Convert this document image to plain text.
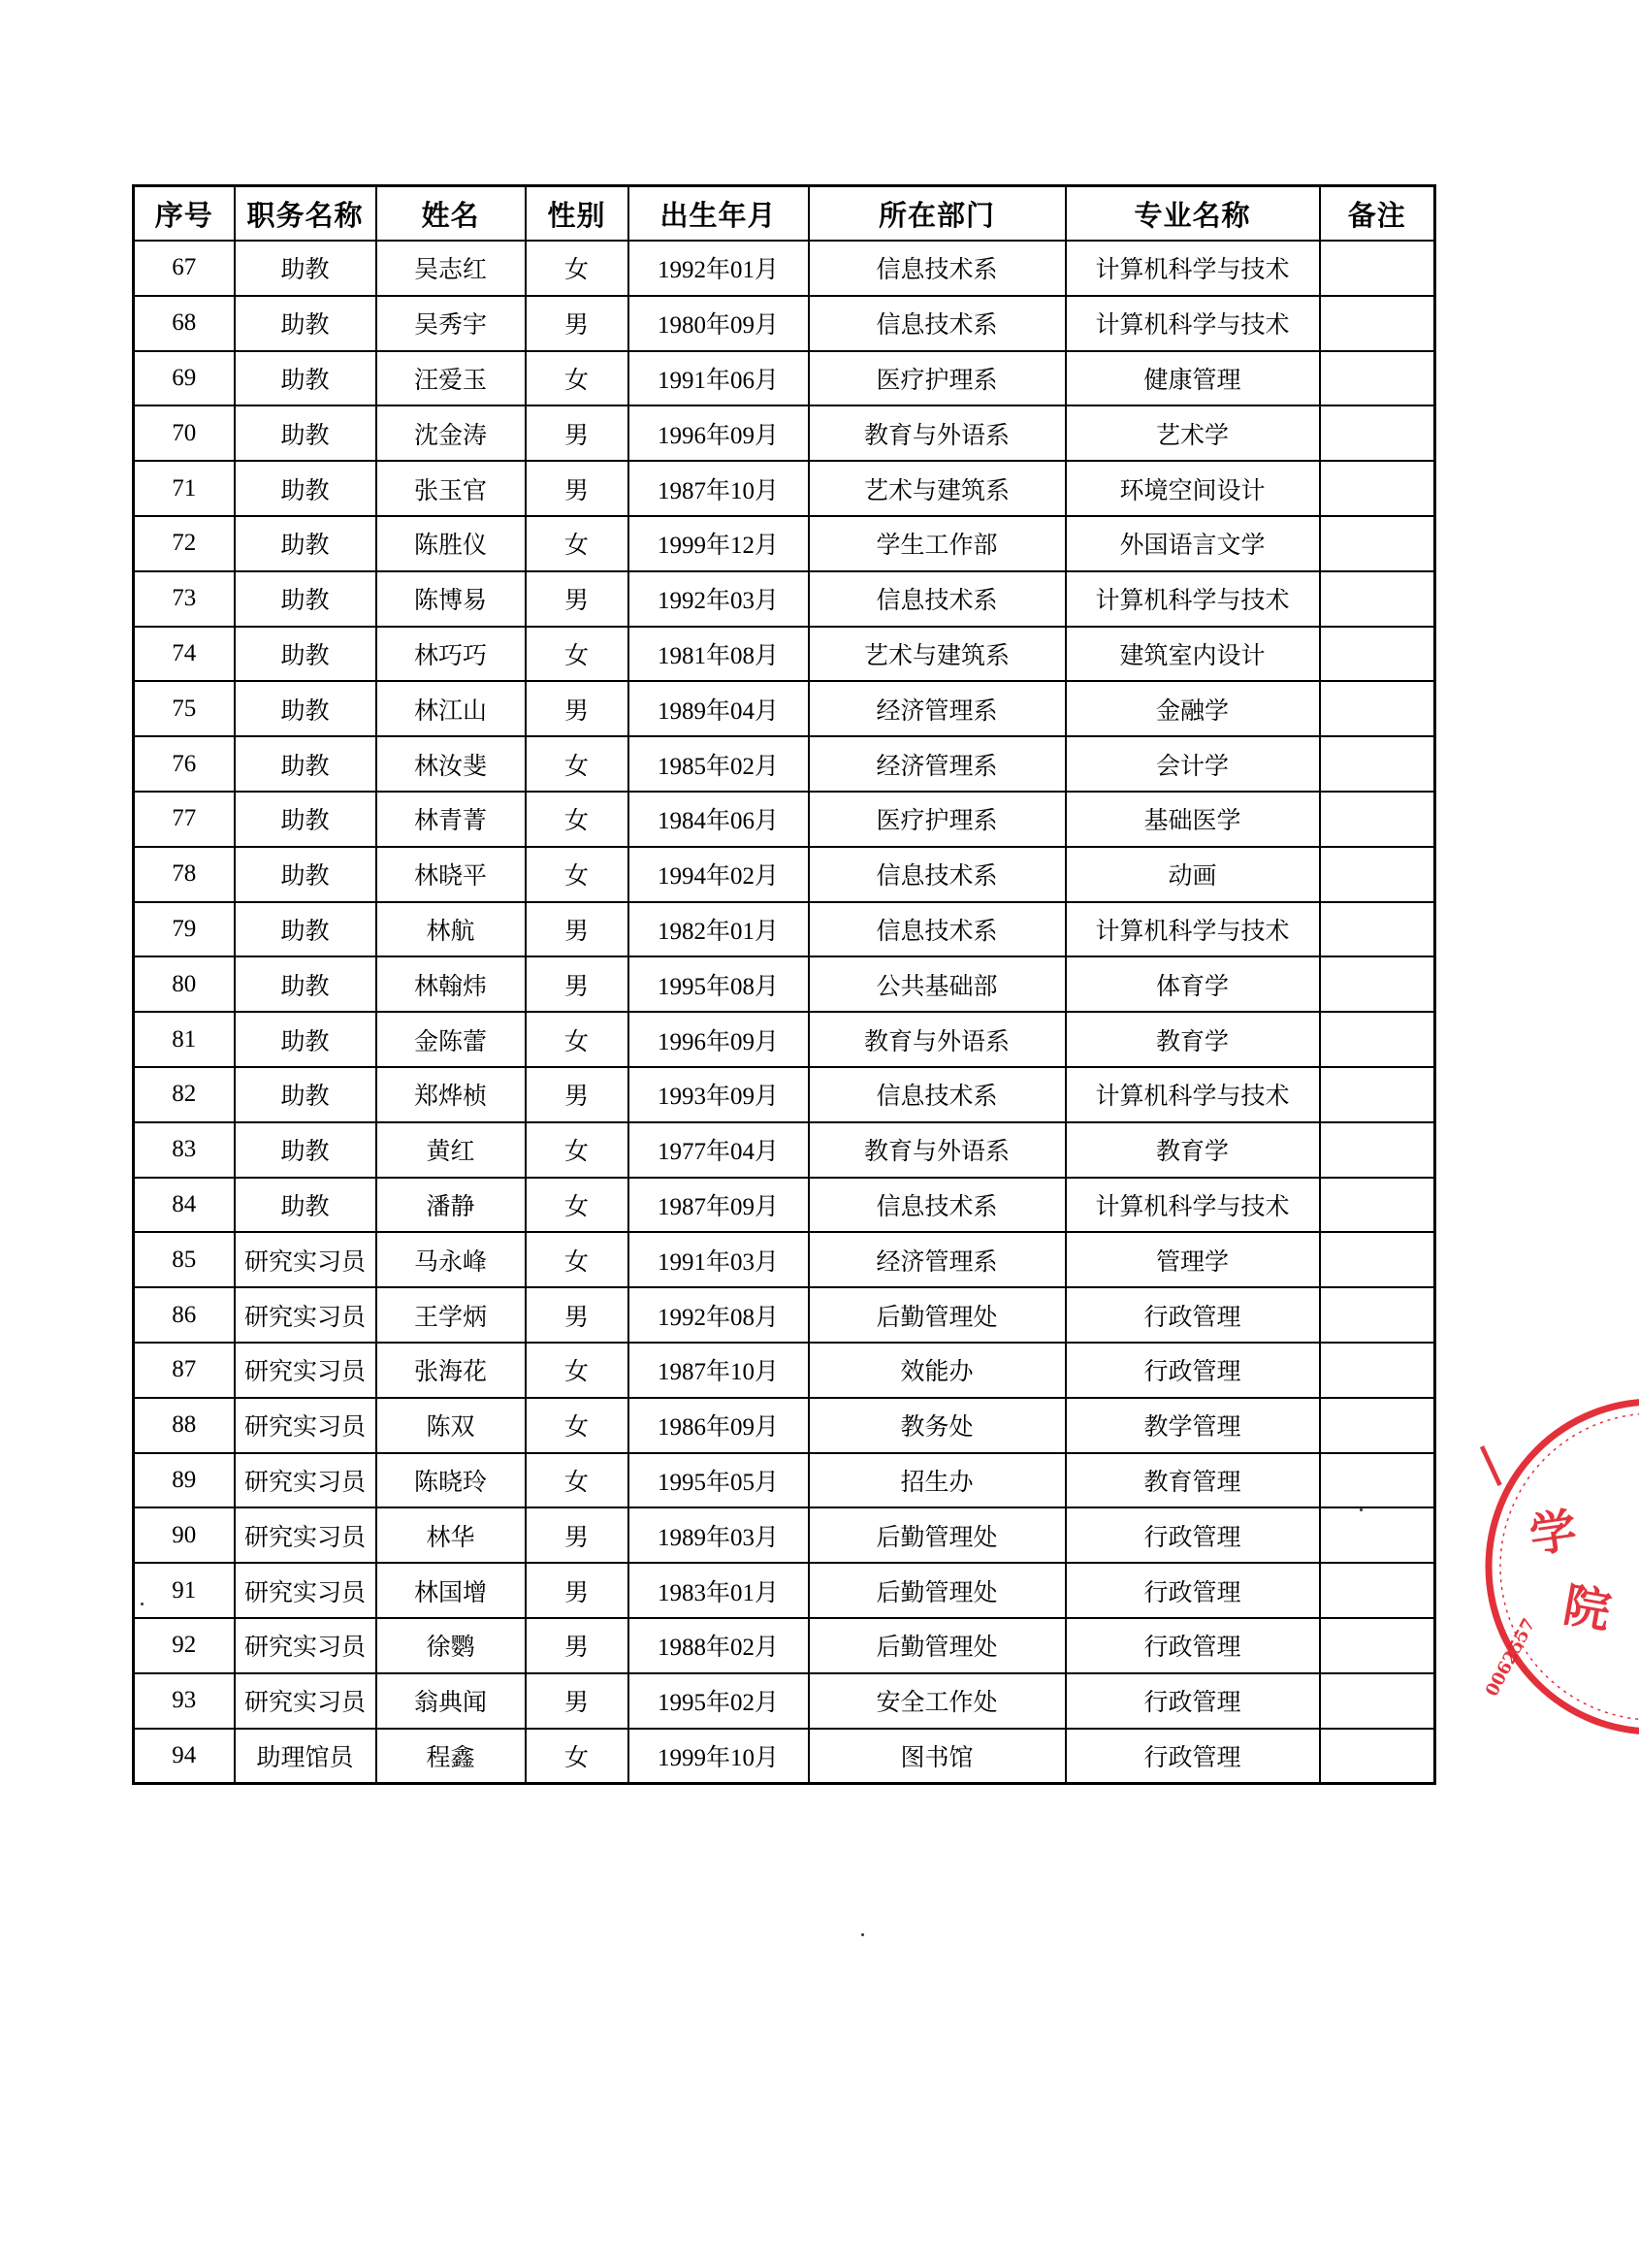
序号	职务名称	姓名	性别	出生年月	所在部门	专业名称	备注
67	助教	吴志红	女	1992年01月	信息技术系	计算机科学与技术	
68	助教	吴秀宇	男	1980年09月	信息技术系	计算机科学与技术	
69	助教	汪爱玉	女	1991年06月	医疗护理系	健康管理	
70	助教	沈金涛	男	1996年09月	教育与外语系	艺术学	
71	助教	张玉官	男	1987年10月	艺术与建筑系	环境空间设计	
72	助教	陈胜仪	女	1999年12月	学生工作部	外国语言文学	
73	助教	陈博易	男	1992年03月	信息技术系	计算机科学与技术	
74	助教	林巧巧	女	1981年08月	艺术与建筑系	建筑室内设计	
75	助教	林江山	男	1989年04月	经济管理系	金融学	
76	助教	林汝斐	女	1985年02月	经济管理系	会计学	
77	助教	林青菁	女	1984年06月	医疗护理系	基础医学	
78	助教	林晓平	女	1994年02月	信息技术系	动画	
79	助教	林航	男	1982年01月	信息技术系	计算机科学与技术	
80	助教	林翰炜	男	1995年08月	公共基础部	体育学	
81	助教	金陈蕾	女	1996年09月	教育与外语系	教育学	
82	助教	郑烨桢	男	1993年09月	信息技术系	计算机科学与技术	
83	助教	黄红	女	1977年04月	教育与外语系	教育学	
84	助教	潘静	女	1987年09月	信息技术系	计算机科学与技术	
85	研究实习员	马永峰	女	1991年03月	经济管理系	管理学	
86	研究实习员	王学炳	男	1992年08月	后勤管理处	行政管理	
87	研究实习员	张海花	女	1987年10月	效能办	行政管理	
88	研究实习员	陈双	女	1986年09月	教务处	教学管理	
89	研究实习员	陈晓玲	女	1995年05月	招生办	教育管理	
90	研究实习员	林华	男	1989年03月	后勤管理处	行政管理	
91	研究实习员	林国增	男	1983年01月	后勤管理处	行政管理	
92	研究实习员	徐鹦	男	1988年02月	后勤管理处	行政管理	
93	研究实习员	翁典闻	男	1995年02月	安全工作处	行政管理	
94	助理馆员	程鑫	女	1999年10月	图书馆	行政管理	
学
院
|
0062557
